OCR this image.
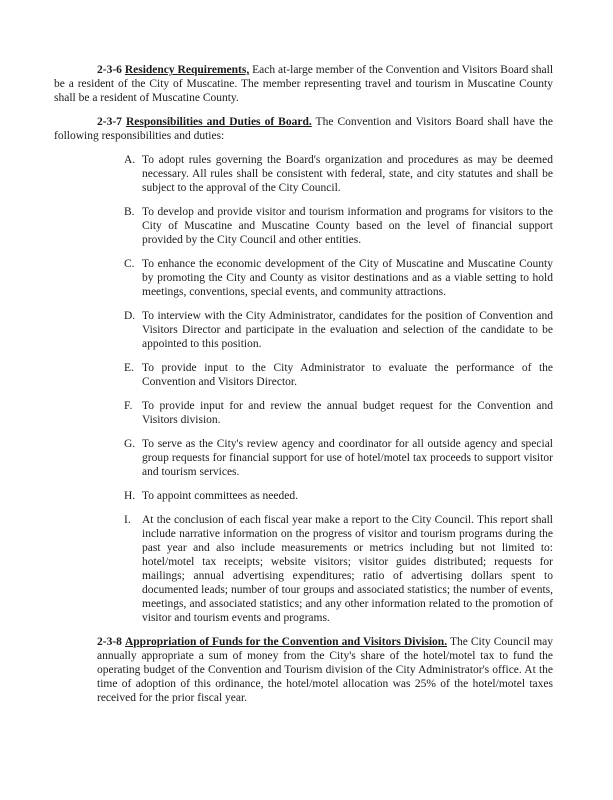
2-3-6 Residency Requirements, Each at-large member of the Convention and Visitors Board shall be a resident of the City of Muscatine. The member representing travel and tourism in Muscatine County shall be a resident of Muscatine County.

2-3-7 Responsibilities and Duties of Board. The Convention and Visitors Board shall have the following responsibilities and duties:

A. To adopt rules governing the Board's organization and procedures as may be deemed necessary. All rules shall be consistent with federal, state, and city statutes and shall be subject to the approval of the City Council.
B. To develop and provide visitor and tourism information and programs for visitors to the City of Muscatine and Muscatine County based on the level of financial support provided by the City Council and other entities.
C. To enhance the economic development of the City of Muscatine and Muscatine County by promoting the City and County as visitor destinations and as a viable setting to hold meetings, conventions, special events, and community attractions.
D. To interview with the City Administrator, candidates for the position of Convention and Visitors Director and participate in the evaluation and selection of the candidate to be appointed to this position.
E. To provide input to the City Administrator to evaluate the performance of the Convention and Visitors Director.
F. To provide input for and review the annual budget request for the Convention and Visitors division.
G. To serve as the City's review agency and coordinator for all outside agency and special group requests for financial support for use of hotel/motel tax proceeds to support visitor and tourism services.
H. To appoint committees as needed.
I. At the conclusion of each fiscal year make a report to the City Council. This report shall include narrative information on the progress of visitor and tourism programs during the past year and also include measurements or metrics including but not limited to: hotel/motel tax receipts; website visitors; visitor guides distributed; requests for mailings; annual advertising expenditures; ratio of advertising dollars spent to documented leads; number of tour groups and associated statistics; the number of events, meetings, and associated statistics; and any other information related to the promotion of visitor and tourism events and programs.

2-3-8 Appropriation of Funds for the Convention and Visitors Division. The City Council may annually appropriate a sum of money from the City's share of the hotel/motel tax to fund the operating budget of the Convention and Tourism division of the City Administrator's office. At the time of adoption of this ordinance, the hotel/motel allocation was 25% of the hotel/motel taxes received for the prior fiscal year.
